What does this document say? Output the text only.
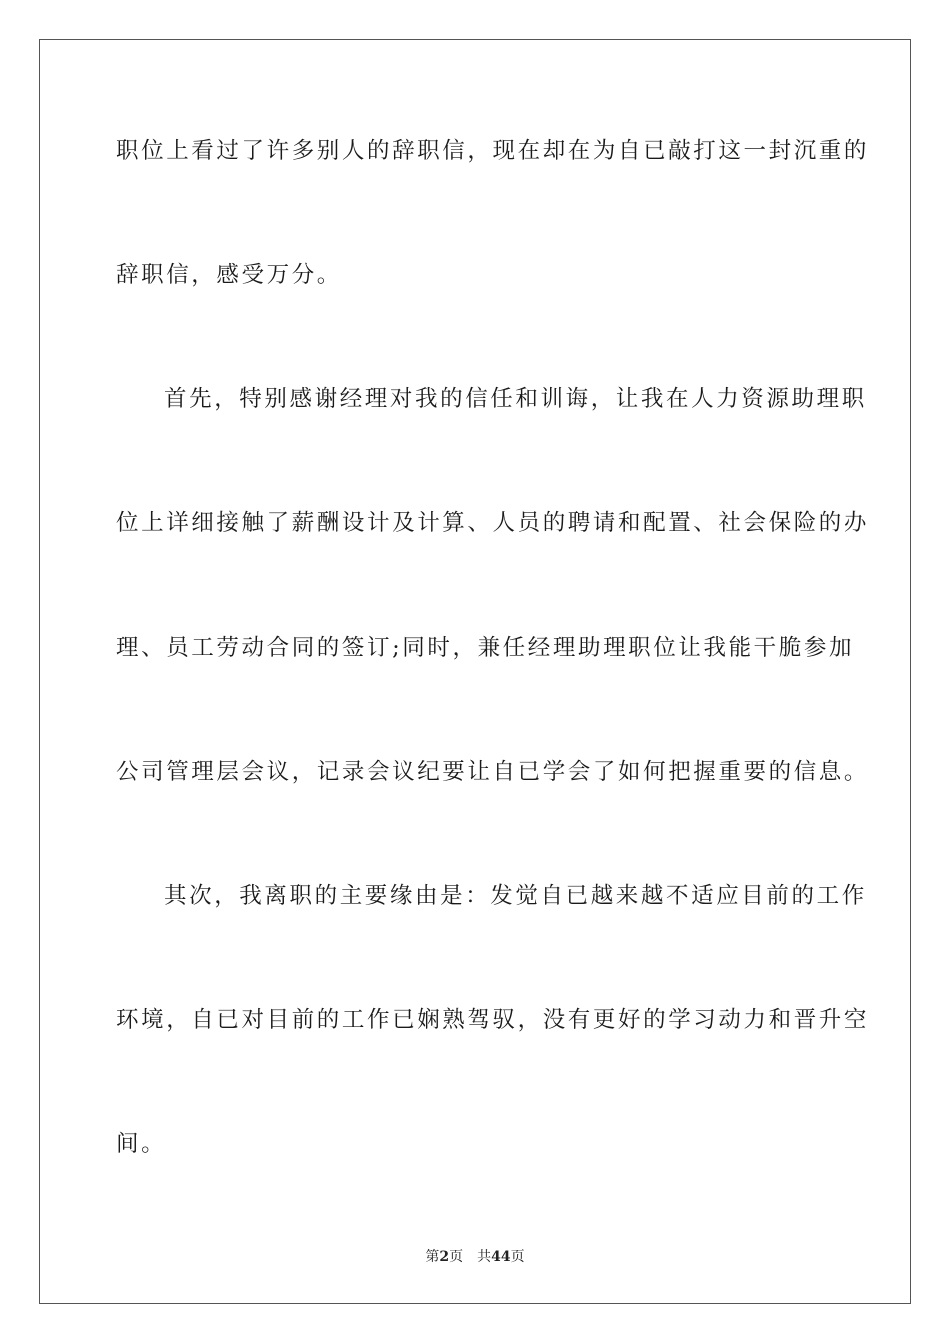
职位上看过了许多别人的辞职信，现在却在为自已敲打这一封沉重的
辞职信，感受万分。
首先，特别感谢经理对我的信任和训诲，让我在人力资源助理职
位上详细接触了薪酬设计及计算、人员的聘请和配置、社会保险的办
理、员工劳动合同的签订;同时，兼任经理助理职位让我能干脆参加
公司管理层会议，记录会议纪要让自已学会了如何把握重要的信息。
其次，我离职的主要缘由是：发觉自已越来越不适应目前的工作
环境，自已对目前的工作已娴熟驾驭，没有更好的学习动力和晋升空
间。
第2页 共44页
